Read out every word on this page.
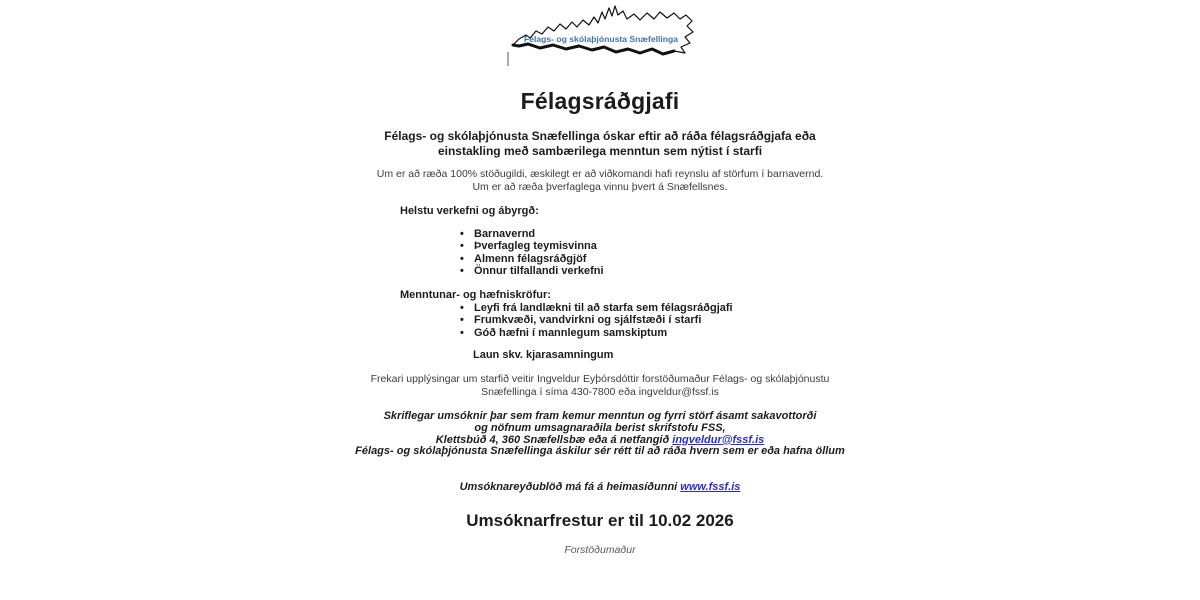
Félags- og skólaþjónusta Snæfellinga
Félagsráðgjafi
Félags- og skólaþjónusta Snæfellinga óskar eftir að ráða félagsráðgjafa eða
einstakling með sambærilega menntun sem nýtist í starfi
Um er að ræða 100% stöðugildi, æskilegt er að viðkomandi hafi reynslu af störfum í barnavernd.
Um er að ræða þverfaglega vinnu þvert á Snæfellsnes.
Helstu verkefni og ábyrgð:
• Barnavernd
• Þverfagleg teymisvinna
• Almenn félagsráðgjöf
• Önnur tilfallandi verkefni
Menntunar- og hæfniskröfur:
• Leyfi frá landlækni til að starfa sem félagsráðgjafi
• Frumkvæði, vandvirkni og sjálfstæði í starfi
• Góð hæfni í mannlegum samskiptum
Laun skv. kjarasamningum
Frekari upplýsingar um starfið veitir Ingveldur Eyþórsdóttir forstöðumaður Félags- og skólaþjónustu
Snæfellinga í síma 430-7800 eða ingveldur@fssf.is
Skriflegar umsóknir þar sem fram kemur menntun og fyrri störf ásamt sakavottorði
og nöfnum umsagnaraðila berist skrifstofu FSS,
Klettsbúð 4, 360 Snæfellsbæ eða á netfangið ingveldur@fssf.is
Félags- og skólaþjónusta Snæfellinga áskilur sér rétt til að ráða hvern sem er eða hafna öllum
Umsóknareyðublöð má fá á heimasíðunni www.fssf.is
Umsóknarfrestur er til 10.02 2026
Forstöðumaður
